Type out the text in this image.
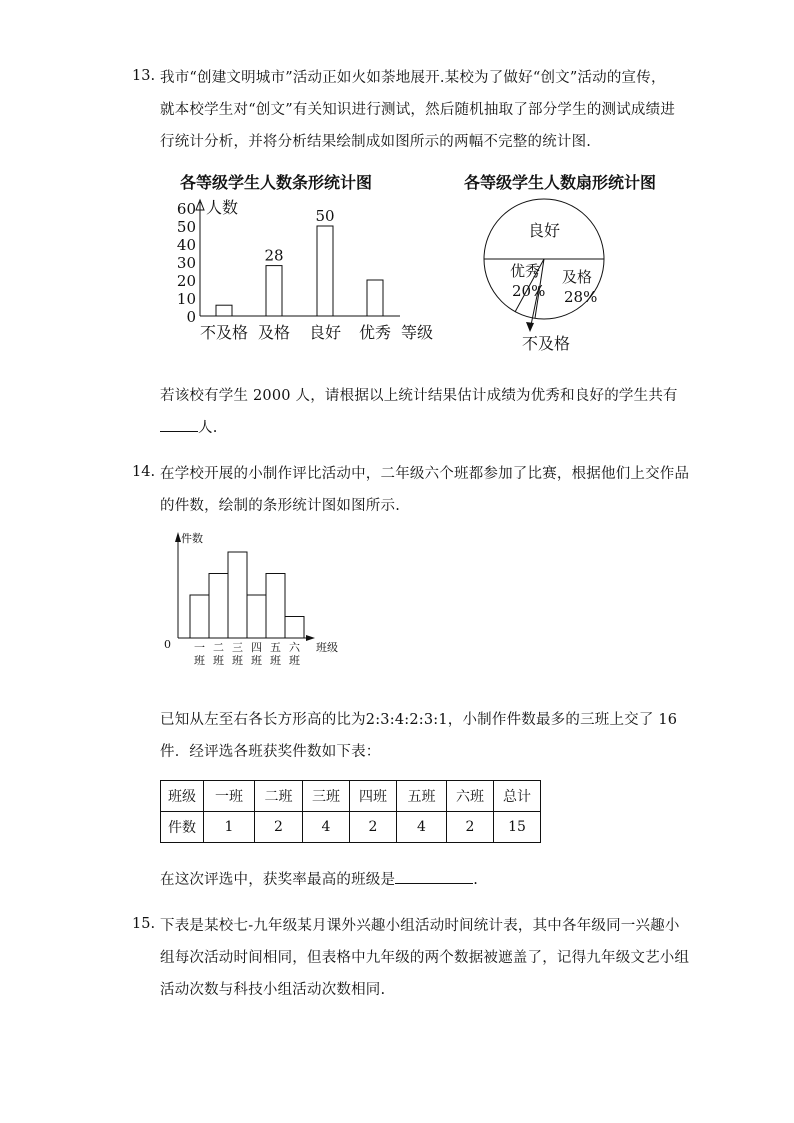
13. 我市“创建文明城市”活动正如火如荼地展开.某校为了做好“创文”活动的宣传，
就本校学生对“创文”有关知识进行测试，然后随机抽取了部分学生的测试成绩进
行统计分析，并将分析结果绘制成如图所示的两幅不完整的统计图.
各等级学生人数条形统计图
人数
0
10
20
30
40
50
60
不及格
28
及格
50
良好 优秀 等级
各等级学生人数扇形统计图
良好
优秀
20%
及格
28%
不及格
若该校有学生 2000 人，请根据以上统计结果估计成绩为优秀和良好的学生共有
人.
14. 在学校开展的小制作评比活动中，二年级六个班都参加了比赛，根据他们上交作品
的件数，绘制的条形统计图如图所示.
件数
0 一
班
二
班
三
班
四
班
五
班
六
班
班级
已知从左至右各长方形高的比为2:3:4:2:3:1，小制作件数最多的三班上交了 16
件．经评选各班获奖件数如下表：
班级	一班	二班	三班	四班	五班	六班	总计
件数	1	2	4	2	4	2	15
在这次评选中，获奖率最高的班级是	.
15. 下表是某校七-九年级某月课外兴趣小组活动时间统计表，其中各年级同一兴趣小
组每次活动时间相同，但表格中九年级的两个数据被遮盖了，记得九年级文艺小组
活动次数与科技小组活动次数相同.
